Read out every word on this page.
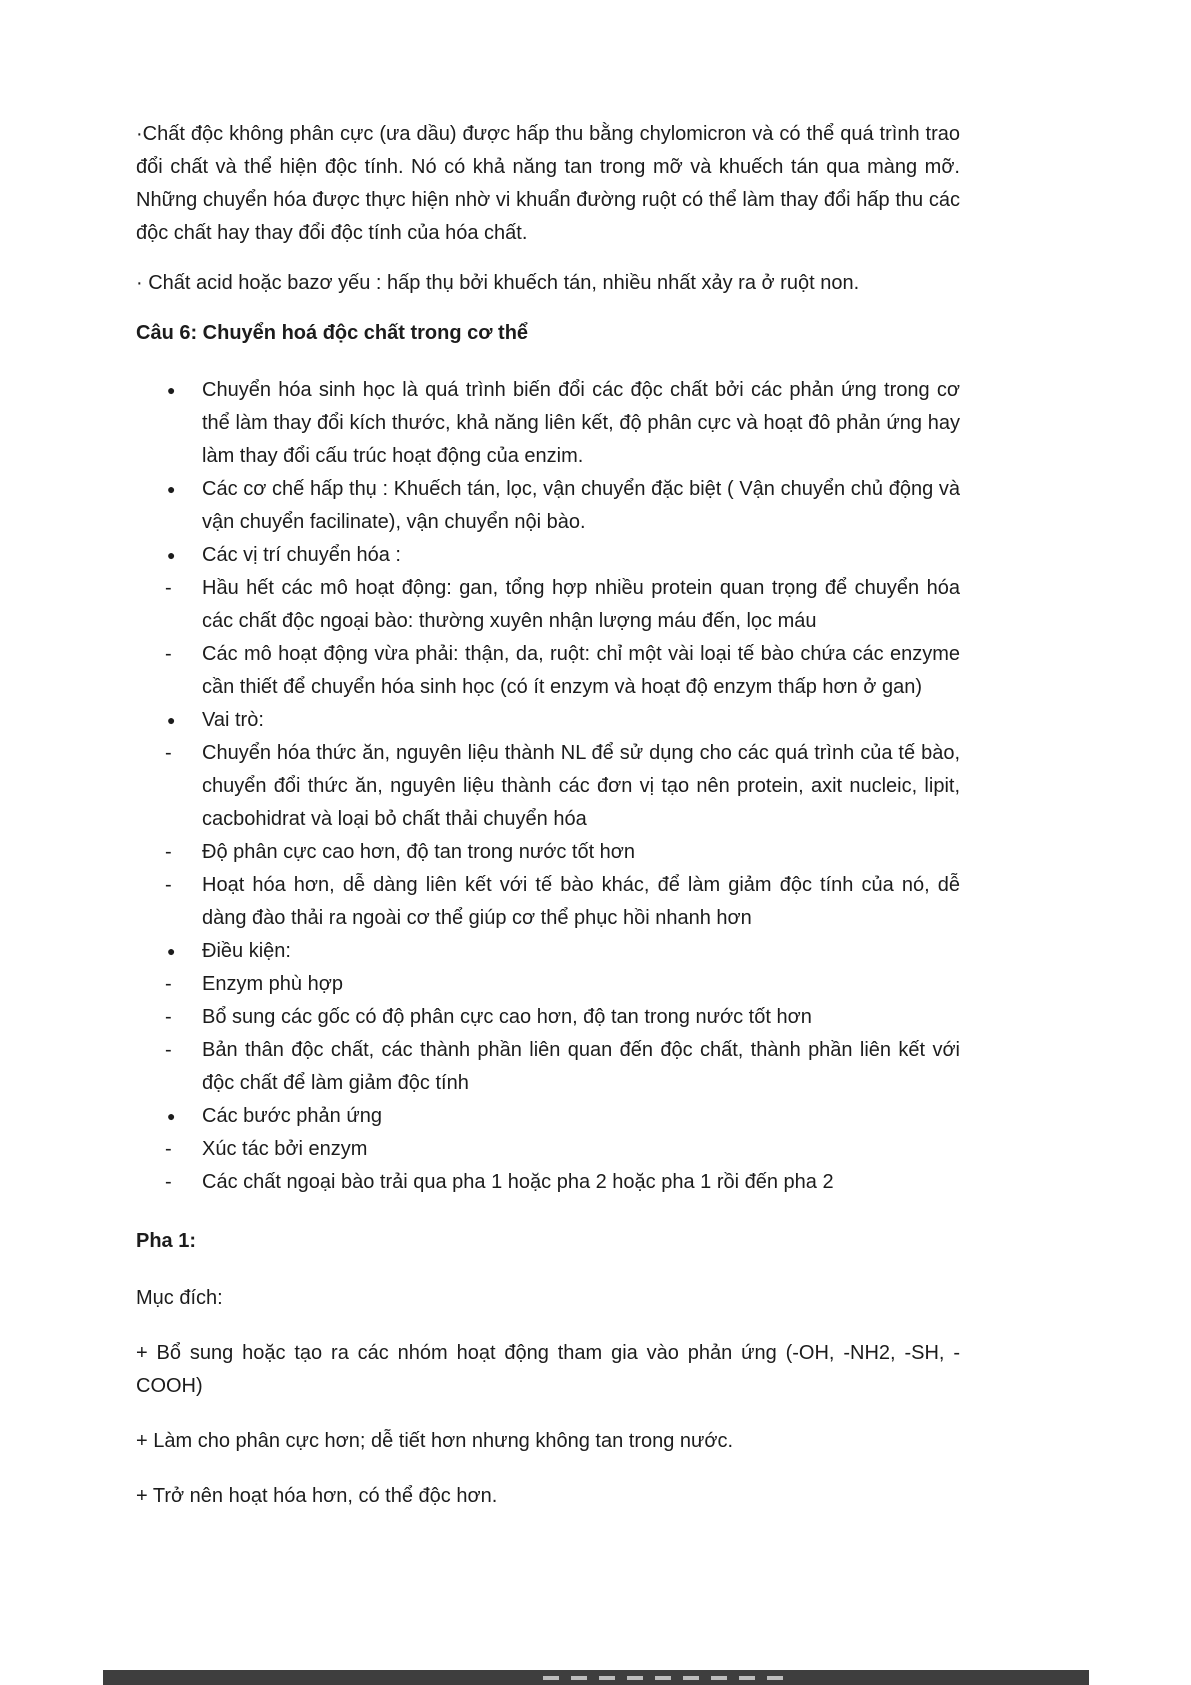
·Chất độc không phân cực (ưa dầu) được hấp thu bằng chylomicron và có thể quá trình trao đổi chất và thể hiện độc tính. Nó có khả năng tan trong mỡ và khuếch tán qua màng mỡ. Những chuyển hóa được thực hiện nhờ vi khuẩn đường ruột có thể làm thay đổi hấp thu các độc chất hay thay đổi độc tính của hóa chất.

· Chất acid hoặc bazơ yếu : hấp thụ bởi khuếch tán, nhiều nhất xảy ra ở ruột non.

Câu 6: Chuyển hoá độc chất trong cơ thể

●	Chuyển hóa sinh học là quá trình biến đổi các độc chất bởi các phản ứng trong cơ thể làm thay đổi kích thước, khả năng liên kết, độ phân cực và hoạt đô phản ứng hay làm thay đổi cấu trúc hoạt động của enzim.
●	Các cơ chế hấp thụ : Khuếch tán, lọc, vận chuyển đặc biệt ( Vận chuyển chủ động và vận chuyển facilinate), vận chuyển nội bào.
●	Các vị trí chuyển hóa :
-	Hầu hết các mô hoạt động: gan, tổng hợp nhiều protein quan trọng để chuyển hóa các chất độc ngoại bào: thường xuyên nhận lượng máu đến, lọc máu
-	Các mô hoạt động vừa phải: thận, da, ruột: chỉ một vài loại tế bào chứa các enzyme cần thiết để chuyển hóa sinh học (có ít enzym và hoạt độ enzym thấp hơn ở gan)
●	Vai trò:
-	Chuyển hóa thức ăn, nguyên liệu thành NL để sử dụng cho các quá trình của tế bào, chuyển đổi thức ăn, nguyên liệu thành các đơn vị tạo nên protein, axit nucleic, lipit, cacbohidrat và loại bỏ chất thải chuyển hóa
-	Độ phân cực cao hơn, độ tan trong nước tốt hơn
-	Hoạt hóa hơn, dễ dàng liên kết với tế bào khác, để làm giảm độc tính của nó, dễ dàng đào thải ra ngoài cơ thể giúp cơ thể phục hồi nhanh hơn
●	Điều kiện:
-	Enzym phù hợp
-	Bổ sung các gốc có độ phân cực cao hơn, độ tan trong nước tốt hơn
-	Bản thân độc chất, các thành phần liên quan đến độc chất, thành phần liên kết với độc chất để làm giảm độc tính
●	Các bước phản ứng
-	Xúc tác bởi enzym
-	Các chất ngoại bào trải qua pha 1 hoặc pha 2 hoặc pha 1 rồi đến pha 2

Pha 1:

Mục đích:

+ Bổ sung hoặc tạo ra các nhóm hoạt động tham gia vào phản ứng (-OH, -NH2, -SH, -COOH)

+ Làm cho phân cực hơn; dễ tiết hơn nhưng không tan trong nước.

+ Trở nên hoạt hóa hơn, có thể độc hơn.
